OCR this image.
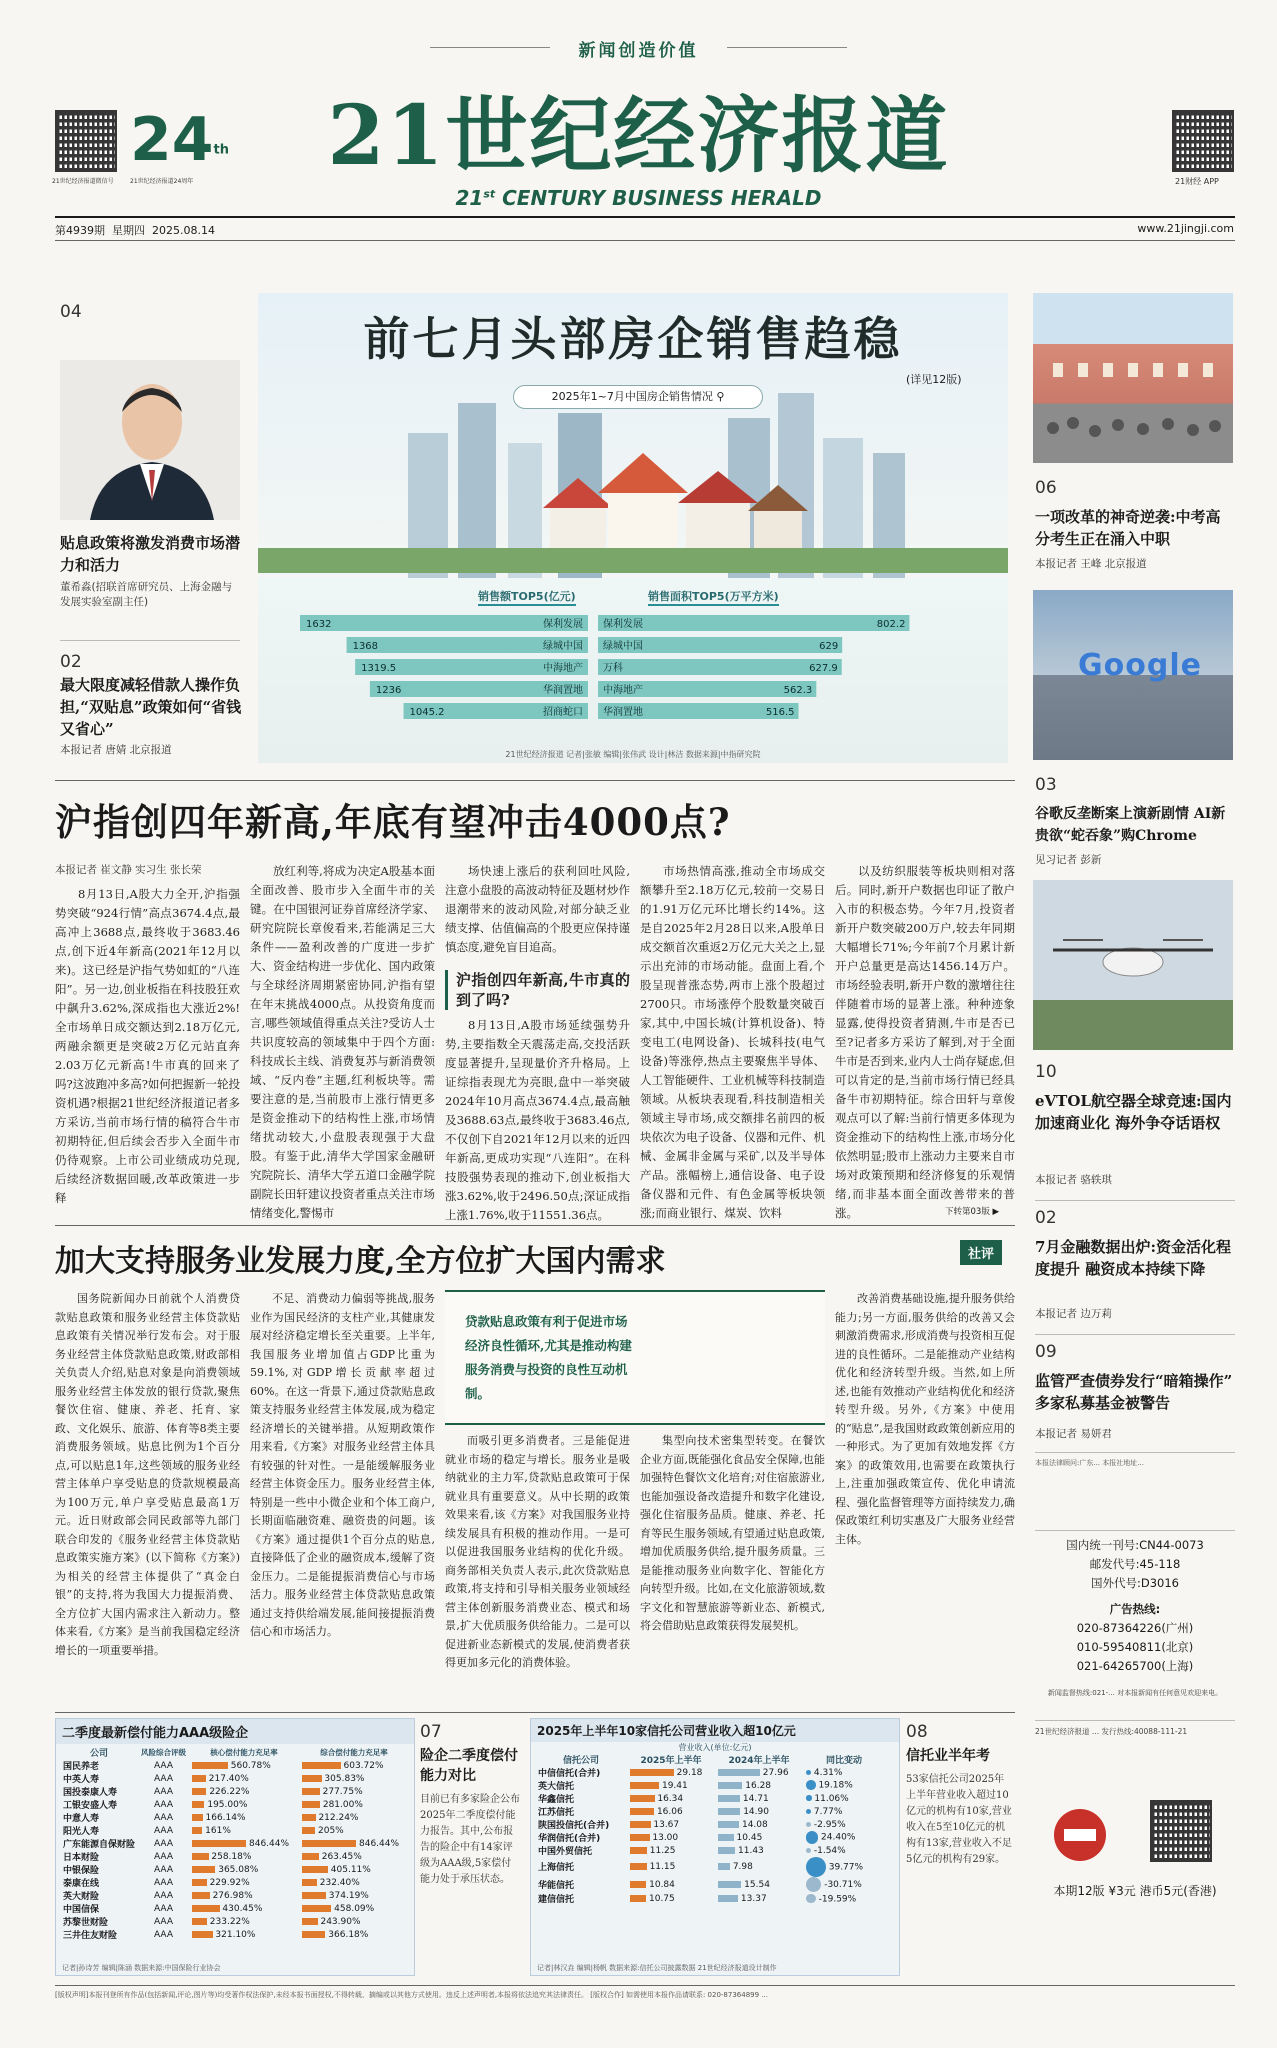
新闻创造价值
21世纪经济报道微信号
24th
21世纪经济报道24周年	21世纪经济报道
21st CENTURY BUSINESS HERALD
21财经 APP
第4939期  星期四  2025.08.14	www.21jingji.com
04
贴息政策将激发消费市场潜力和活力
董希淼(招联首席研究员、上海金融与发展实验室副主任)
02
最大限度减轻借款人操作负担,“双贴息”政策如何“省钱又省心”
本报记者 唐婧 北京报道
前七月头部房企销售趋稳
(详见12版)
2025年1~7月中国房企销售情况 ⚲
销售额TOP5(亿元)	销售面积TOP5(万平方米)
1632	保利发展
1368	绿城中国
1319.5	中海地产
1236	华润置地
1045.2	招商蛇口
保利发展	802.2
绿城中国	629
万科	627.9
中海地产	562.3
华润置地	516.5
21世纪经济报道 记者|张敏 编辑|张伟武 设计|林洁 数据来源|中指研究院
06
一项改革的神奇逆袭:中考高分考生正在涌入中职
本报记者 王峰 北京报道
Google
03
谷歌反垄断案上演新剧情 AI新贵欲“蛇吞象”购Chrome
见习记者 彭新
10
eVTOL航空器全球竞速:国内加速商业化 海外争夺话语权
本报记者 骆轶琪
02
7月金融数据出炉:资金活化程度提升 融资成本持续下降
本报记者 边万莉
09
监管严查债券发行“暗箱操作” 多家私募基金被警告
本报记者 易妍君
本报法律顾问:广东... 本报社地址...
国内统一刊号:CN44-0073
邮发代号:45-118
国外代号:D3016
广告热线:
020-87364226(广州)
010-59540811(北京)
021-64265700(上海)
新闻监督热线:021-... 对本报新闻有任何意见欢迎来电。
21世纪经济报道 ... 发行热线:40088-111-21
本期12版 ¥3元 港币5元(香港)
沪指创四年新高,年底有望冲击4000点?
本报记者 崔文静 实习生 张长荣

8月13日,A股大力全开,沪指强势突破“924行情”高点3674.4点,最高冲上3688点,最终收于3683.46点,创下近4年新高(2021年12月以来)。这已经是沪指气势如虹的“八连阳”。另一边,创业板指在科技股狂欢中飙升3.62%,深成指也大涨近2%!全市场单日成交额达到2.18万亿元,两融余额更是突破2万亿元站直奔2.03万亿元新高!牛市真的回来了吗?这波跑冲多高?如何把握新一轮投资机遇?根据21世纪经济报道记者多方采访,当前市场行情的稿符合牛市初期特征,但后续会否步入全面牛市仍待观察。上市公司业绩成功兑现,后续经济数据回暖,改革政策进一步释

放红利等,将成为决定A股基本面全面改善、股市步入全面牛市的关键。在中国银河证券首席经济学家、研究院院长章俊看来,若能满足三大条件——盈利改善的广度进一步扩大、资金结构进一步优化、国内政策与全球经济周期紧密协同,沪指有望在年末挑战4000点。从投资角度而言,哪些领域值得重点关注?受访人士共识度较高的领域集中于四个方面:科技成长主线、消费复苏与新消费领域、“反内卷”主题,红利板块等。需要注意的是,当前股市上涨行情更多是资金推动下的结构性上涨,市场情绪扰动较大,小盘股表现强于大盘股。有鉴于此,清华大学国家金融研究院院长、清华大学五道口金融学院副院长田轩建议投资者重点关注市场情绪变化,警惕市

场快速上涨后的获利回吐风险,注意小盘股的高波动特征及题材炒作退潮带来的波动风险,对部分缺乏业绩支撑、估值偏高的个股更应保持谨慎态度,避免盲目追高。

沪指创四年新高,牛市真的到了吗?

8月13日,A股市场延续强势升势,主要指数全天震荡走高,交投活跃度显著提升,呈现量价齐升格局。上证综指表现尤为亮眼,盘中一举突破2024年10月高点3674.4点,最高触及3688.63点,最终收于3683.46点,不仅创下自2021年12月以来的近四年新高,更成功实现“八连阳”。在科技股强势表现的推动下,创业板指大涨3.62%,收于2496.50点;深证成指上涨1.76%,收于11551.36点。

市场热情高涨,推动全市场成交额攀升至2.18万亿元,较前一交易日的1.91万亿元环比增长约14%。这是自2025年2月28日以来,A股单日成交额首次重返2万亿元大关之上,显示出充沛的市场动能。盘面上看,个股呈现普涨态势,两市上涨个股超过2700只。市场涨停个股数量突破百家,其中,中国长城(计算机设备)、特变电工(电网设备)、长城科技(电气设备)等涨停,热点主要聚焦半导体、人工智能硬件、工业机械等科技制造领域。从板块表现看,科技制造相关领域主导市场,成交额排名前四的板块依次为电子设备、仪器和元件、机械、金属非金属与采矿,以及半导体产品。涨幅榜上,通信设备、电子设备仪器和元件、有色金属等板块领涨;而商业银行、煤炭、饮料

以及纺织服装等板块则相对落后。同时,新开户数据也印证了散户入市的积极态势。今年7月,投资者新开户数突破200万户,较去年同期大幅增长71%;今年前7个月累计新开户总量更是高达1456.14万户。市场经验表明,新开户数的激增往往伴随着市场的显著上涨。种种迹象显露,使得投资者猜测,牛市是否已至?记者多方采访了解到,对于全面牛市是否到来,业内人士尚存疑虑,但可以肯定的是,当前市场行情已经具备牛市初期特征。综合田轩与章俊观点可以了解:当前行情更多体现为资金推动下的结构性上涨,市场分化依然明显;股市上涨动力主要来自市场对政策预期和经济修复的乐观情绪,而非基本面全面改善带来的普涨。	下转第03版 ▶
加大支持服务业发展力度,全方位扩大国内需求	社评

国务院新闻办日前就个人消费贷款贴息政策和服务业经营主体贷款贴息政策有关情况举行发布会。对于服务业经营主体贷款贴息政策,财政部相关负责人介绍,贴息对象是向消费领域服务业经营主体发放的银行贷款,聚焦餐饮住宿、健康、养老、托育、家政、文化娱乐、旅游、体育等8类主要消费服务领域。贴息比例为1个百分点,可以贴息1年,这些领域的服务业经营主体单户享受贴息的贷款规模最高为100万元,单户享受贴息最高1万元。近日财政部会同民政部等九部门联合印发的《服务业经营主体贷款贴息政策实施方案》(以下简称《方案》)为相关的经营主体提供了“真金白银”的支持,将为我国大力提振消费、全方位扩大国内需求注入新动力。整体来看,《方案》是当前我国稳定经济增长的一项重要举措。

不足、消费动力偏弱等挑战,服务业作为国民经济的支柱产业,其健康发展对经济稳定增长至关重要。上半年,我国服务业增加值占GDP比重为59.1%,对GDP增长贡献率超过60%。在这一背景下,通过贷款贴息政策支持服务业经营主体发展,成为稳定经济增长的关键举措。从短期政策作用来看,《方案》对服务业经营主体具有较强的针对性。一是能缓解服务业经营主体资金压力。服务业经营主体,特别是一些中小微企业和个体工商户,长期面临融资难、融资贵的问题。该《方案》通过提供1个百分点的贴息,直接降低了企业的融资成本,缓解了资金压力。二是能提振消费信心与市场活力。服务业经营主体贷款贴息政策通过支持供给端发展,能间接提振消费信心和市场活力。

贷款贴息政策有利于促进市场经济良性循环,尤其是推动构建服务消费与投资的良性互动机制。

而吸引更多消费者。三是能促进就业市场的稳定与增长。服务业是吸纳就业的主力军,贷款贴息政策可于保就业具有重要意义。从中长期的政策效果来看,该《方案》对我国服务业持续发展具有积极的推动作用。一是可以促进我国服务业结构的优化升级。商务部相关负责人表示,此次贷款贴息政策,将支持和引导相关服务业领域经营主体创新服务消费业态、模式和场景,扩大优质服务供给能力。二是可以促进新业态新模式的发展,使消费者获得更加多元化的消费体验。

集型向技术密集型转变。在餐饮企业方面,既能强化食品安全保障,也能加强特色餐饮文化培育;对住宿旅游业,也能加强设备改造提升和数字化建设,强化住宿服务品质。健康、养老、托育等民生服务领域,有望通过贴息政策,增加优质服务供给,提升服务质量。三是能推动服务业向数字化、智能化方向转型升级。比如,在文化旅游领域,数字文化和智慧旅游等新业态、新模式,将会借助贴息政策获得发展契机。

改善消费基础设施,提升服务供给能力;另一方面,服务供给的改善又会刺激消费需求,形成消费与投资相互促进的良性循环。二是能推动产业结构优化和经济转型升级。当然,如上所述,也能有效推动产业结构优化和经济转型升级。另外,《方案》中使用的“贴息”,是我国财政政策创新应用的一种形式。为了更加有效地发挥《方案》的政策效用,也需要在政策执行上,注重加强政策宣传、优化申请流程、强化监督管理等方面持续发力,确保政策红利切实惠及广大服务业经营主体。

二季度最新偿付能力AAA级险企
公司	风险综合评级	核心偿付能力充足率	综合偿付能力充足率
国民养老	AAA	560.78%	603.72%
中英人寿	AAA	217.40%	305.83%
国投泰康人寿	AAA	226.22%	277.75%
工银安盛人寿	AAA	195.00%	281.00%
中意人寿	AAA	166.14%	212.24%
阳光人寿	AAA	161%	205%
广东能源自保财险	AAA	846.44%	846.44%
日本财险	AAA	258.18%	263.45%
中银保险	AAA	365.08%	405.11%
泰康在线	AAA	229.92%	232.40%
英大财险	AAA	276.98%	374.19%
中国信保	AAA	430.45%	458.09%
苏黎世财险	AAA	233.22%	243.90%
三井住友财险	AAA	321.10%	366.18%
记者|孙诗芳 编辑|陈涵 数据来源:中国保险行业协会
07
险企二季度偿付能力对比
目前已有多家险企公布2025年二季度偿付能力报告。其中,公布报告的险企中有14家评级为AAA级,5家偿付能力处于承压状态。
2025年上半年10家信托公司营业收入超10亿元
营业收入(单位:亿元)
信托公司	2025年上半年	2024年上半年	同比变动
中信信托(合并)	29.18	27.96	4.31%
英大信托	19.41	16.28	19.18%
华鑫信托	16.34	14.71	11.06%
江苏信托	16.06	14.90	7.77%
陕国投信托(合并)	13.67	14.08	-2.95%
华润信托(合并)	13.00	10.45	24.40%
中国外贸信托	11.25	11.43	-1.54%
上海信托	11.15	7.98	39.77%
华能信托	10.84	15.54	-30.71%
建信信托	10.75	13.37	-19.59%
记者|林汉垚 编辑|杨帆 数据来源:信托公司披露数据 21世纪经济报道设计制作
08
信托业半年考
53家信托公司2025年上半年营业收入超过10亿元的机构有10家,营业收入在5至10亿元的机构有13家,营业收入不足5亿元的机构有29家。
[版权声明]本报刊登所有作品(包括新闻,评论,图片等)均受著作权法保护,未经本报书面授权,不得转载、摘编或以其他方式使用。违反上述声明者,本报将依法追究其法律责任。 [版权合作] 如需使用本报作品请联系: 020-87364899 ...
